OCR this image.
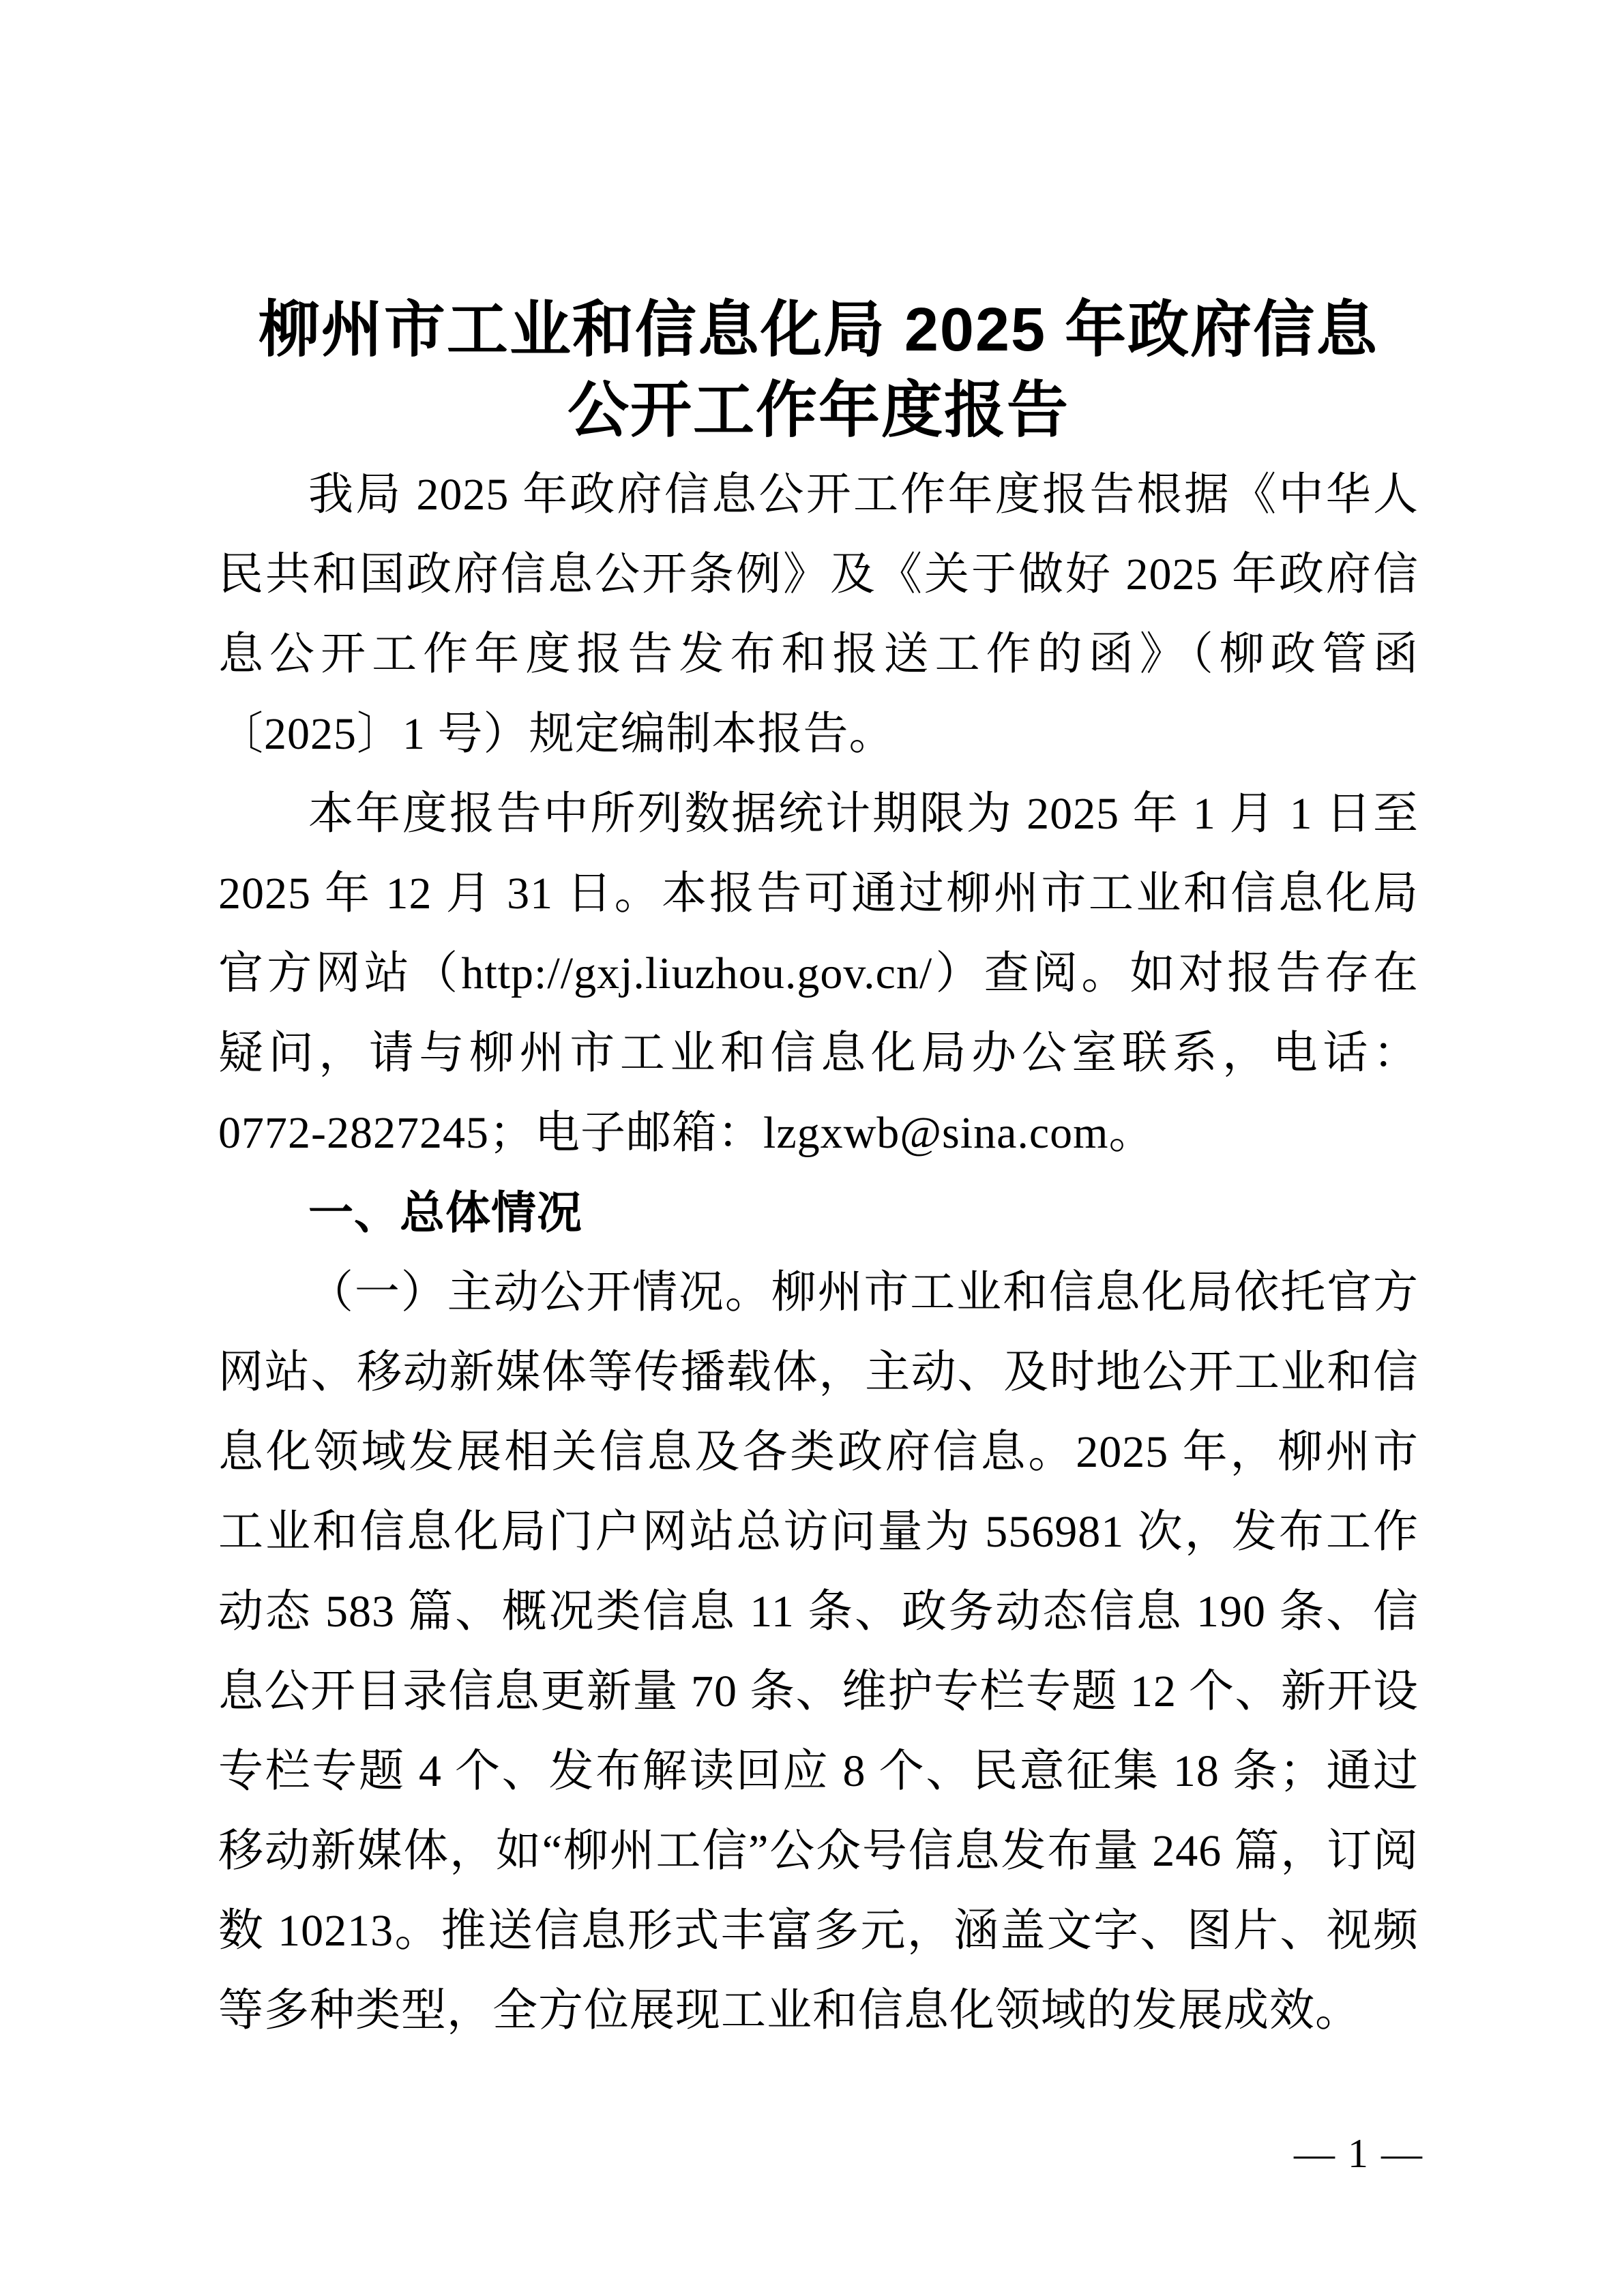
柳州市工业和信息化局 2025 年政府信息
公开工作年度报告

我局 2025 年政府信息公开工作年度报告根据《中华人民共和国政府信息公开条例》及《关于做好 2025 年政府信息公开工作年度报告发布和报送工作的函》（柳政管函〔2025〕1 号）规定编制本报告。

本年度报告中所列数据统计期限为 2025 年 1 月 1 日至 2025 年 12 月 31 日。本报告可通过柳州市工业和信息化局官方网站（http://gxj.liuzhou.gov.cn/）查阅。如对报告存在疑问，请与柳州市工业和信息化局办公室联系，电话：0772-2827245；电子邮箱：lzgxwb@sina.com。

一、总体情况

（一）主动公开情况。柳州市工业和信息化局依托官方网站、移动新媒体等传播载体，主动、及时地公开工业和信息化领域发展相关信息及各类政府信息。2025 年，柳州市工业和信息化局门户网站总访问量为 556981 次，发布工作动态 583 篇、概况类信息 11 条、政务动态信息 190 条、信息公开目录信息更新量 70 条、维护专栏专题 12 个、新开设专栏专题 4 个、发布解读回应 8 个、民意征集 18 条；通过移动新媒体，如“柳州工信”公众号信息发布量 246 篇，订阅数 10213。推送信息形式丰富多元，涵盖文字、图片、视频等多种类型，全方位展现工业和信息化领域的发展成效。

— 1 —
